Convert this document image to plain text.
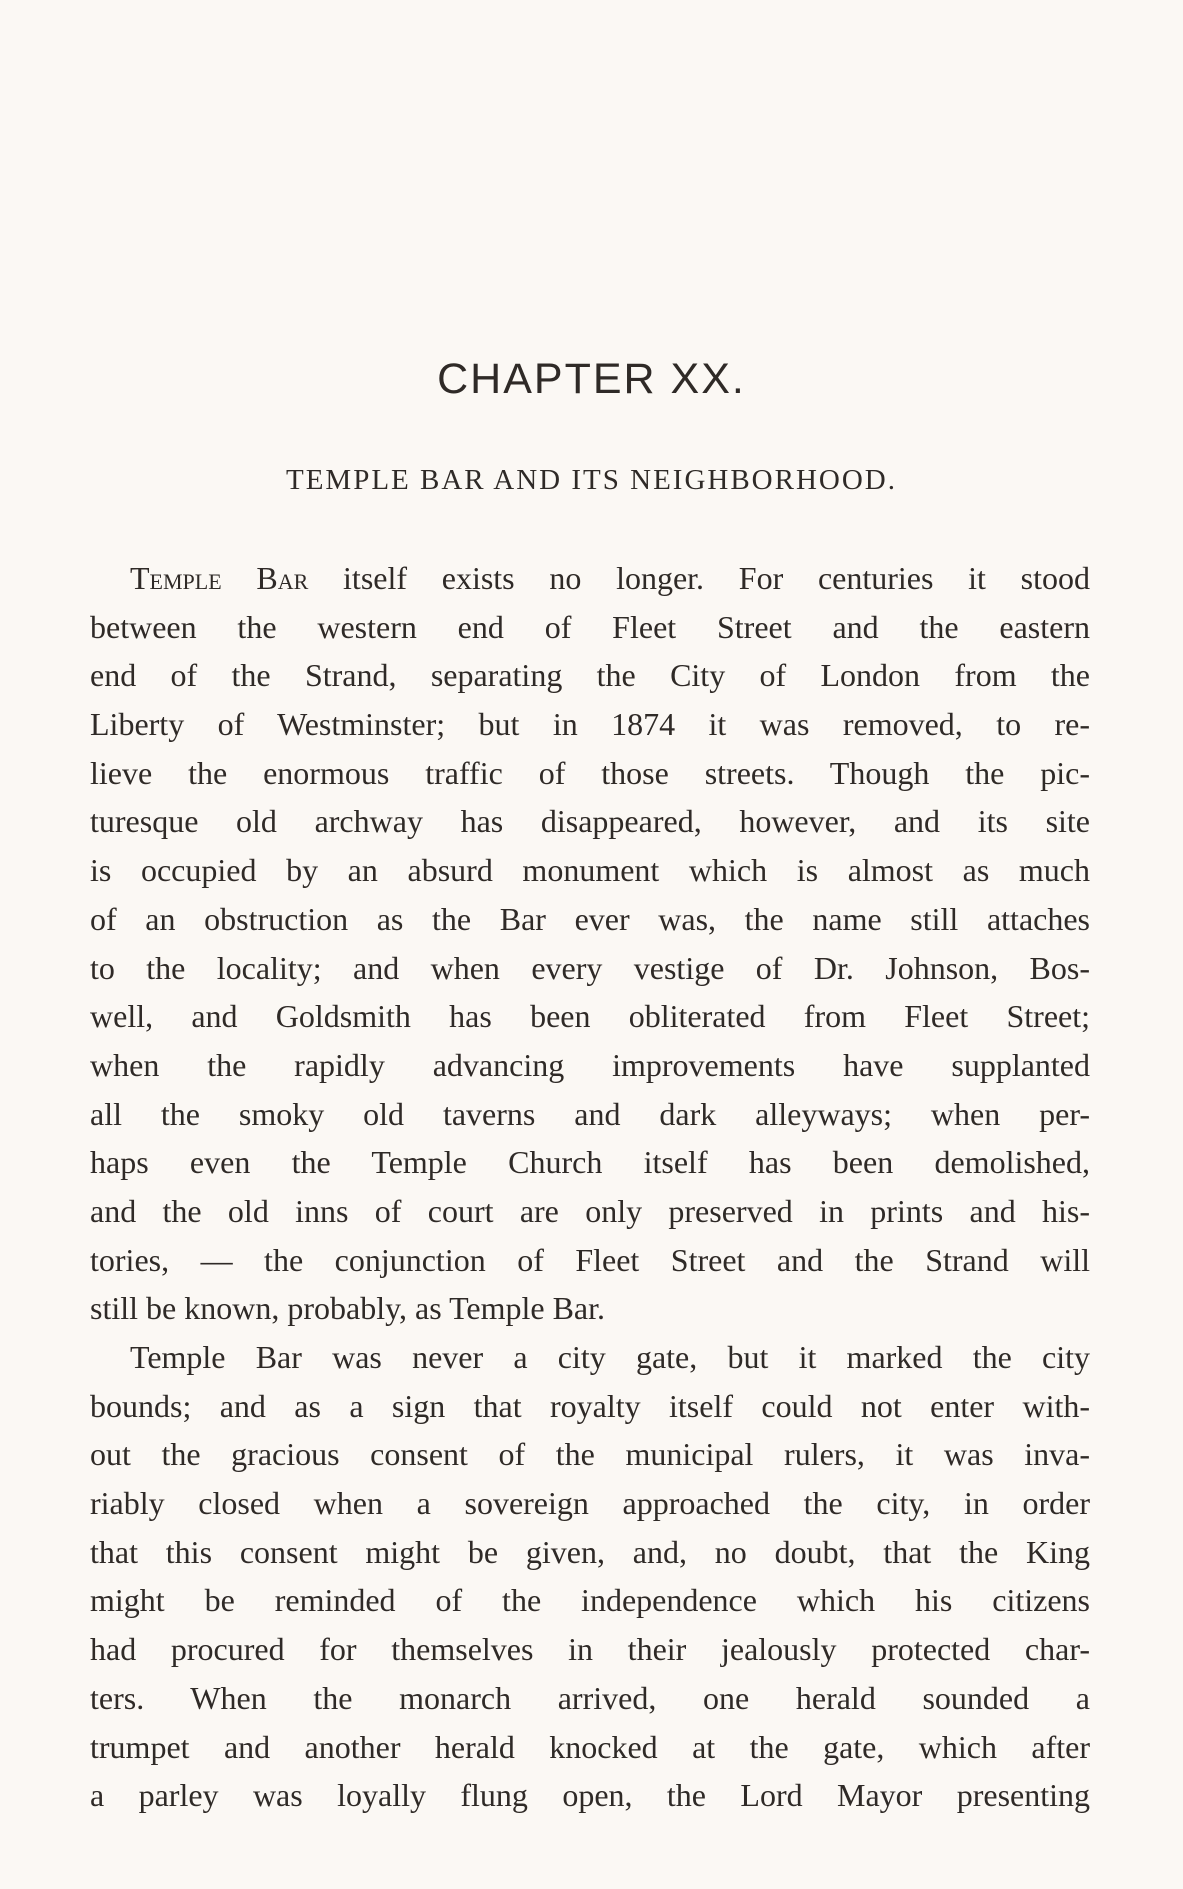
CHAPTER XX.
TEMPLE BAR AND ITS NEIGHBORHOOD.
Temple Bar itself exists no longer. For centuries it stood
between the western end of Fleet Street and the eastern
end of the Strand, separating the City of London from the
Liberty of Westminster; but in 1874 it was removed, to re-
lieve the enormous traffic of those streets. Though the pic-
turesque old archway has disappeared, however, and its site
is occupied by an absurd monument which is almost as much
of an obstruction as the Bar ever was, the name still attaches
to the locality; and when every vestige of Dr. Johnson, Bos-
well, and Goldsmith has been obliterated from Fleet Street;
when the rapidly advancing improvements have supplanted
all the smoky old taverns and dark alleyways; when per-
haps even the Temple Church itself has been demolished,
and the old inns of court are only preserved in prints and his-
tories, — the conjunction of Fleet Street and the Strand will
still be known, probably, as Temple Bar.
Temple Bar was never a city gate, but it marked the city
bounds; and as a sign that royalty itself could not enter with-
out the gracious consent of the municipal rulers, it was inva-
riably closed when a sovereign approached the city, in order
that this consent might be given, and, no doubt, that the King
might be reminded of the independence which his citizens
had procured for themselves in their jealously protected char-
ters. When the monarch arrived, one herald sounded a
trumpet and another herald knocked at the gate, which after
a parley was loyally flung open, the Lord Mayor presenting
